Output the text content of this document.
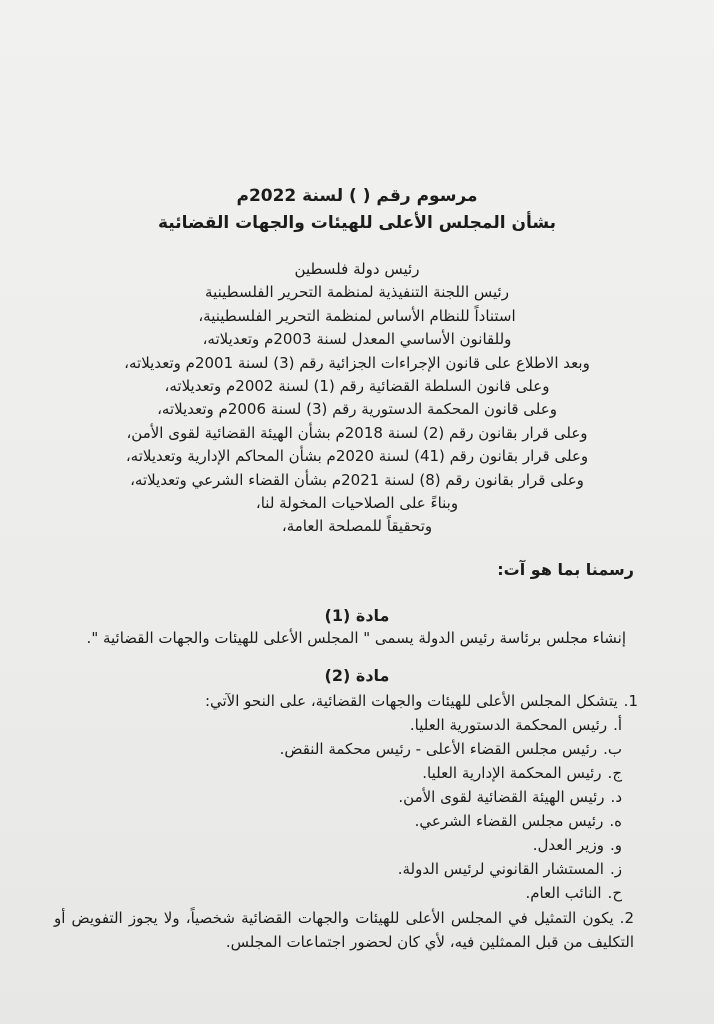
مرسوم رقم ( ) لسنة 2022م
بشأن المجلس الأعلى للهيئات والجهات القضائية
رئيس دولة فلسطين
رئيس اللجنة التنفيذية لمنظمة التحرير الفلسطينية
استناداً للنظام الأساس لمنظمة التحرير الفلسطينية،
وللقانون الأساسي المعدل لسنة 2003م وتعديلاته،
وبعد الاطلاع على قانون الإجراءات الجزائية رقم (3) لسنة 2001م وتعديلاته،
وعلى قانون السلطة القضائية رقم (1) لسنة 2002م وتعديلاته،
وعلى قانون المحكمة الدستورية رقم (3) لسنة 2006م وتعديلاته،
وعلى قرار بقانون رقم (2) لسنة 2018م بشأن الهيئة القضائية لقوى الأمن،
وعلى قرار بقانون رقم (41) لسنة 2020م بشأن المحاكم الإدارية وتعديلاته،
وعلى قرار بقانون رقم (8) لسنة 2021م بشأن القضاء الشرعي وتعديلاته،
وبناءً على الصلاحيات المخولة لنا،
وتحقيقاً للمصلحة العامة،
رسمنا بما هو آت:
مادة (1)
إنشاء مجلس برئاسة رئيس الدولة يسمى " المجلس الأعلى للهيئات والجهات القضائية ".
مادة (2)
1.يتشكل المجلس الأعلى للهيئات والجهات القضائية، على النحو الآتي:
أ.رئيس المحكمة الدستورية العليا.
ب.رئيس مجلس القضاء الأعلى - رئيس محكمة النقض.
ج.رئيس المحكمة الإدارية العليا.
د.رئيس الهيئة القضائية لقوى الأمن.
ه.رئيس مجلس القضاء الشرعي.
و.وزير العدل.
ز.المستشار القانوني لرئيس الدولة.
ح.النائب العام.
2.يكون التمثيل في المجلس الأعلى للهيئات والجهات القضائية شخصياً، ولا يجوز التفويض أو التكليف من قبل الممثلين فيه، لأي كان لحضور اجتماعات المجلس.
